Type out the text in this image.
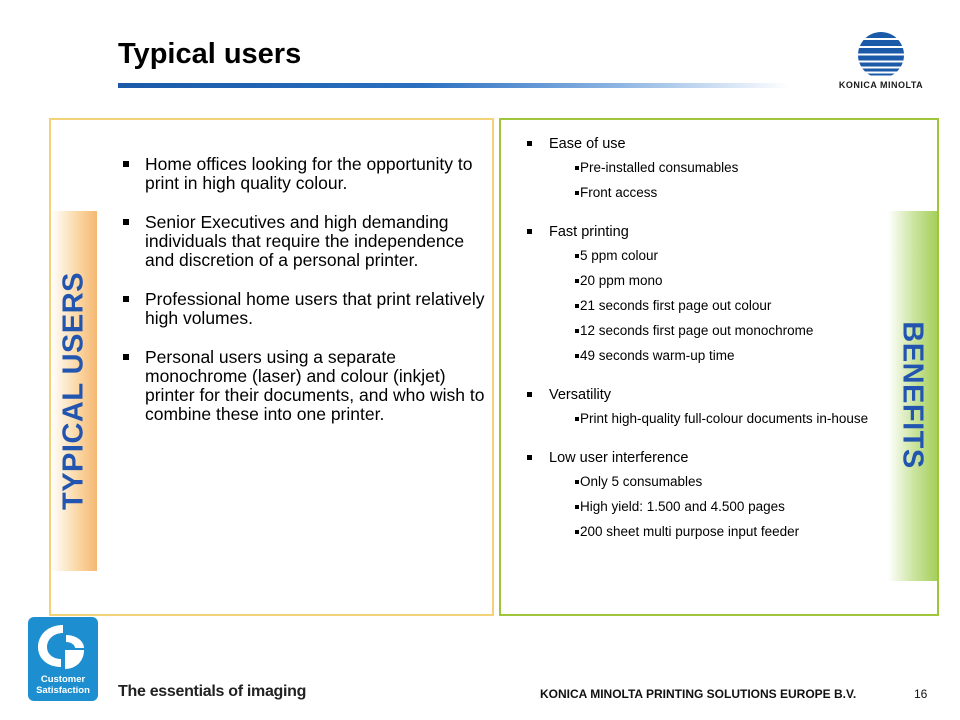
Typical users
KONICA MINOLTA
TYPICAL USERS
Home offices looking for the opportunity to print in high quality colour.
Senior Executives and high demanding individuals that require the independence and discretion of a personal printer.
Professional home users that print relatively high volumes.
Personal users using a separate monochrome (laser) and colour (inkjet) printer for their documents, and who wish to combine these into one printer.	BENEFITS
Ease of use
Pre-installed consumables
Front access
Fast printing
5 ppm colour
20 ppm mono
21 seconds first page out colour
12 seconds first page out monochrome
49 seconds warm-up time
Versatility
Print high-quality full-colour documents in-house
Low user interference
Only 5 consumables
High yield: 1.500 and 4.500 pages
200 sheet multi purpose input feeder
Customer
Satisfaction The essentials of imaging	KONICA MINOLTA PRINTING SOLUTIONS EUROPE B.V.	16
